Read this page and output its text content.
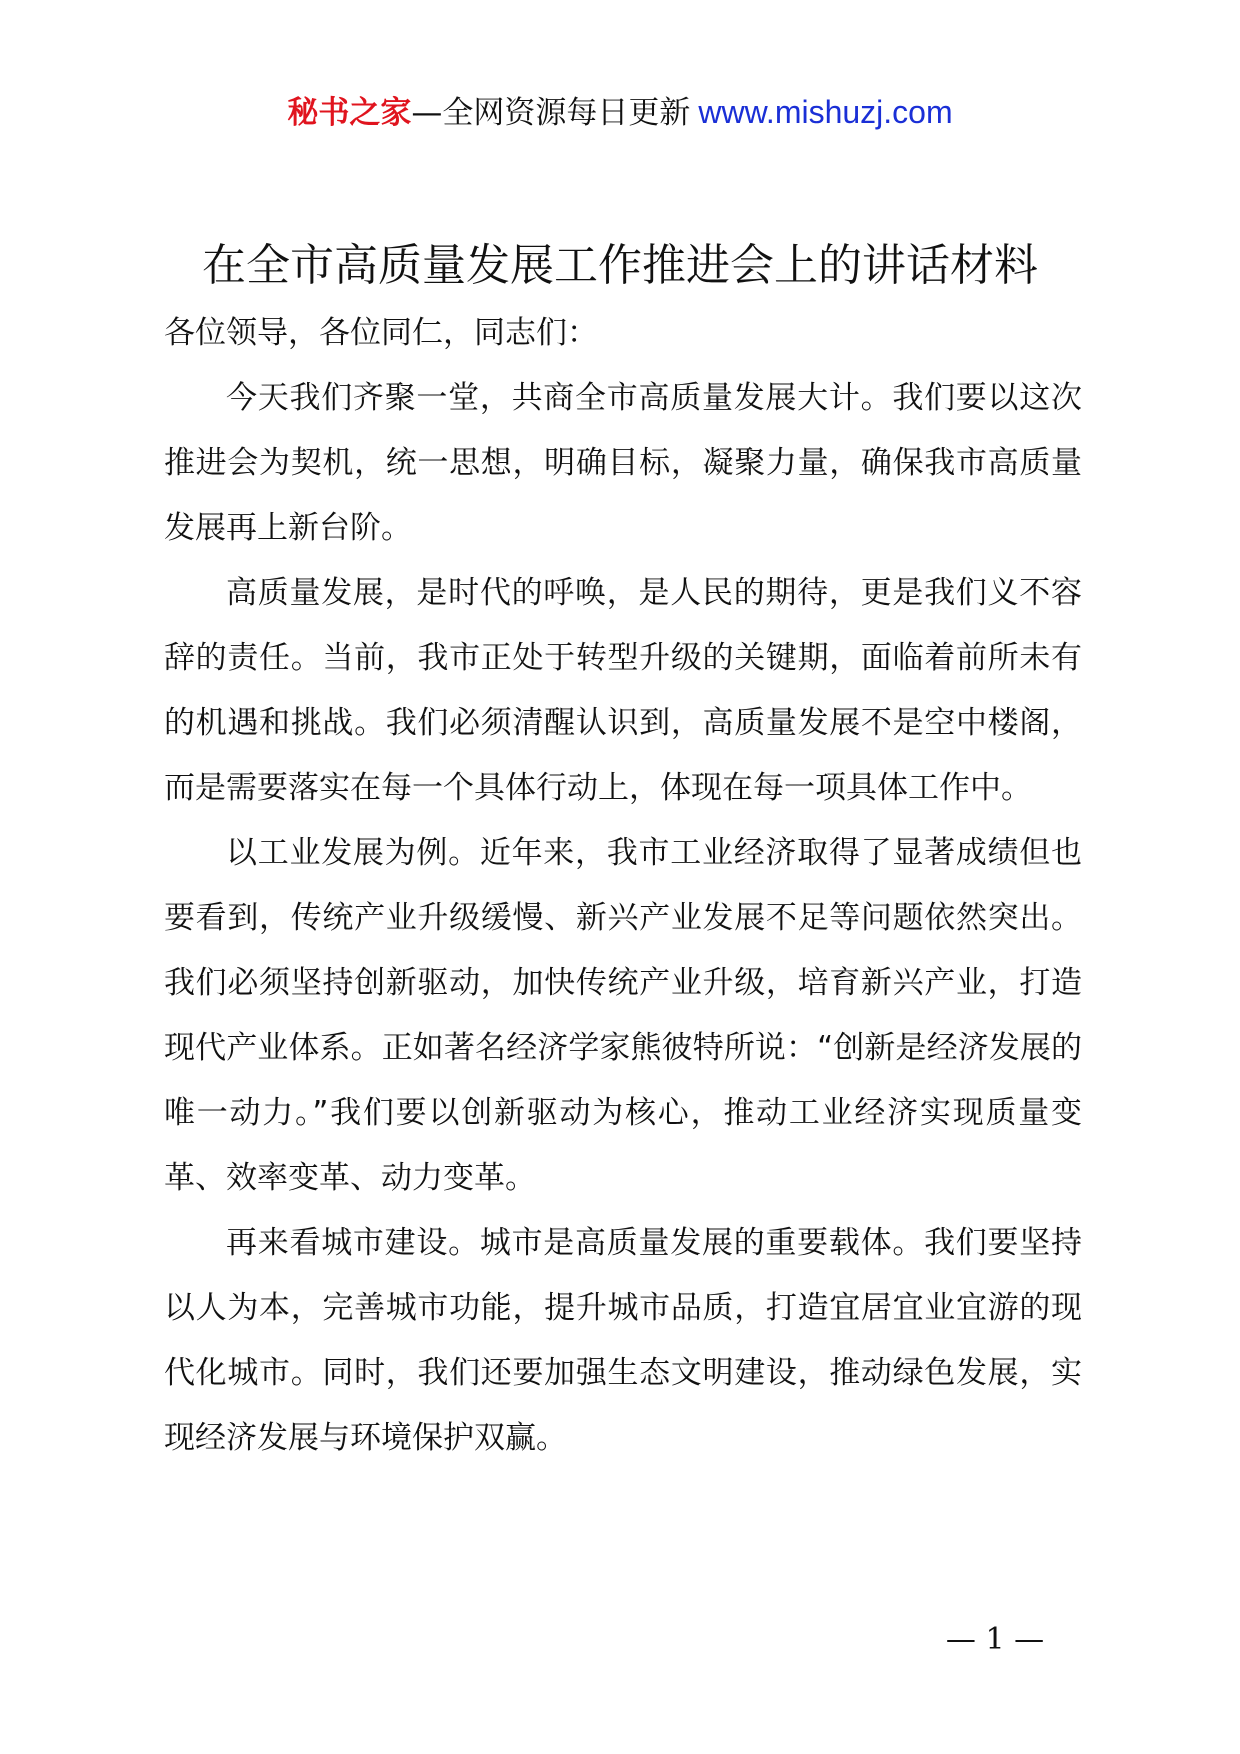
秘书之家—全网资源每日更新 www.mishuzj.com
在全市高质量发展工作推进会上的讲话材料

各位领导，各位同仁，同志们：

今天我们齐聚一堂，共商全市高质量发展大计。我们要以这次推进会为契机，统一思想，明确目标，凝聚力量，确保我市高质量发展再上新台阶。

高质量发展，是时代的呼唤，是人民的期待，更是我们义不容辞的责任。当前，我市正处于转型升级的关键期，面临着前所未有的机遇和挑战。我们必须清醒认识到，高质量发展不是空中楼阁，而是需要落实在每一个具体行动上，体现在每一项具体工作中。

以工业发展为例。近年来，我市工业经济取得了显著成绩但也要看到，传统产业升级缓慢、新兴产业发展不足等问题依然突出。我们必须坚持创新驱动，加快传统产业升级，培育新兴产业，打造现代产业体系。正如著名经济学家熊彼特所说：“创新是经济发展的唯一动力。”我们要以创新驱动为核心，推动工业经济实现质量变革、效率变革、动力变革。

再来看城市建设。城市是高质量发展的重要载体。我们要坚持以人为本，完善城市功能，提升城市品质，打造宜居宜业宜游的现代化城市。同时，我们还要加强生态文明建设，推动绿色发展，实现经济发展与环境保护双赢。

— 1 —
